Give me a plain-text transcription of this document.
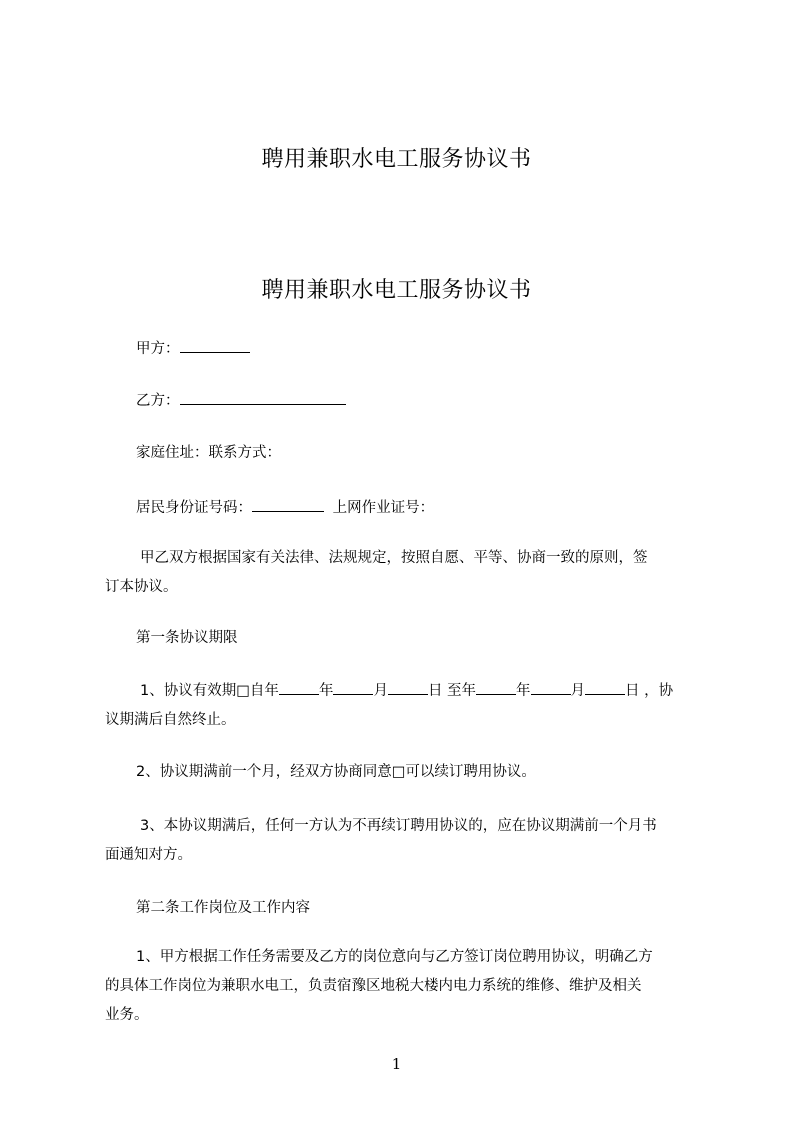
聘用兼职水电工服务协议书
聘用兼职水电工服务协议书
甲方：
乙方：
家庭住址：联系方式：
居民身份证号码：	上网作业证号：
甲乙双方根据国家有关法律、法规规定，按照自愿、平等、协商一致的原则，签
订本协议。
第一条协议期限
1、协议有效期□自年	年	月	日 至年	年	月	日 ，协
议期满后自然终止。
2、协议期满前一个月，经双方协商同意□可以续订聘用协议。
3、本协议期满后，任何一方认为不再续订聘用协议的，应在协议期满前一个月书
面通知对方。
第二条工作岗位及工作内容
1、甲方根据工作任务需要及乙方的岗位意向与乙方签订岗位聘用协议，明确乙方
的具体工作岗位为兼职水电工，负责宿豫区地税大楼内电力系统的维修、维护及相关
业务。
1
